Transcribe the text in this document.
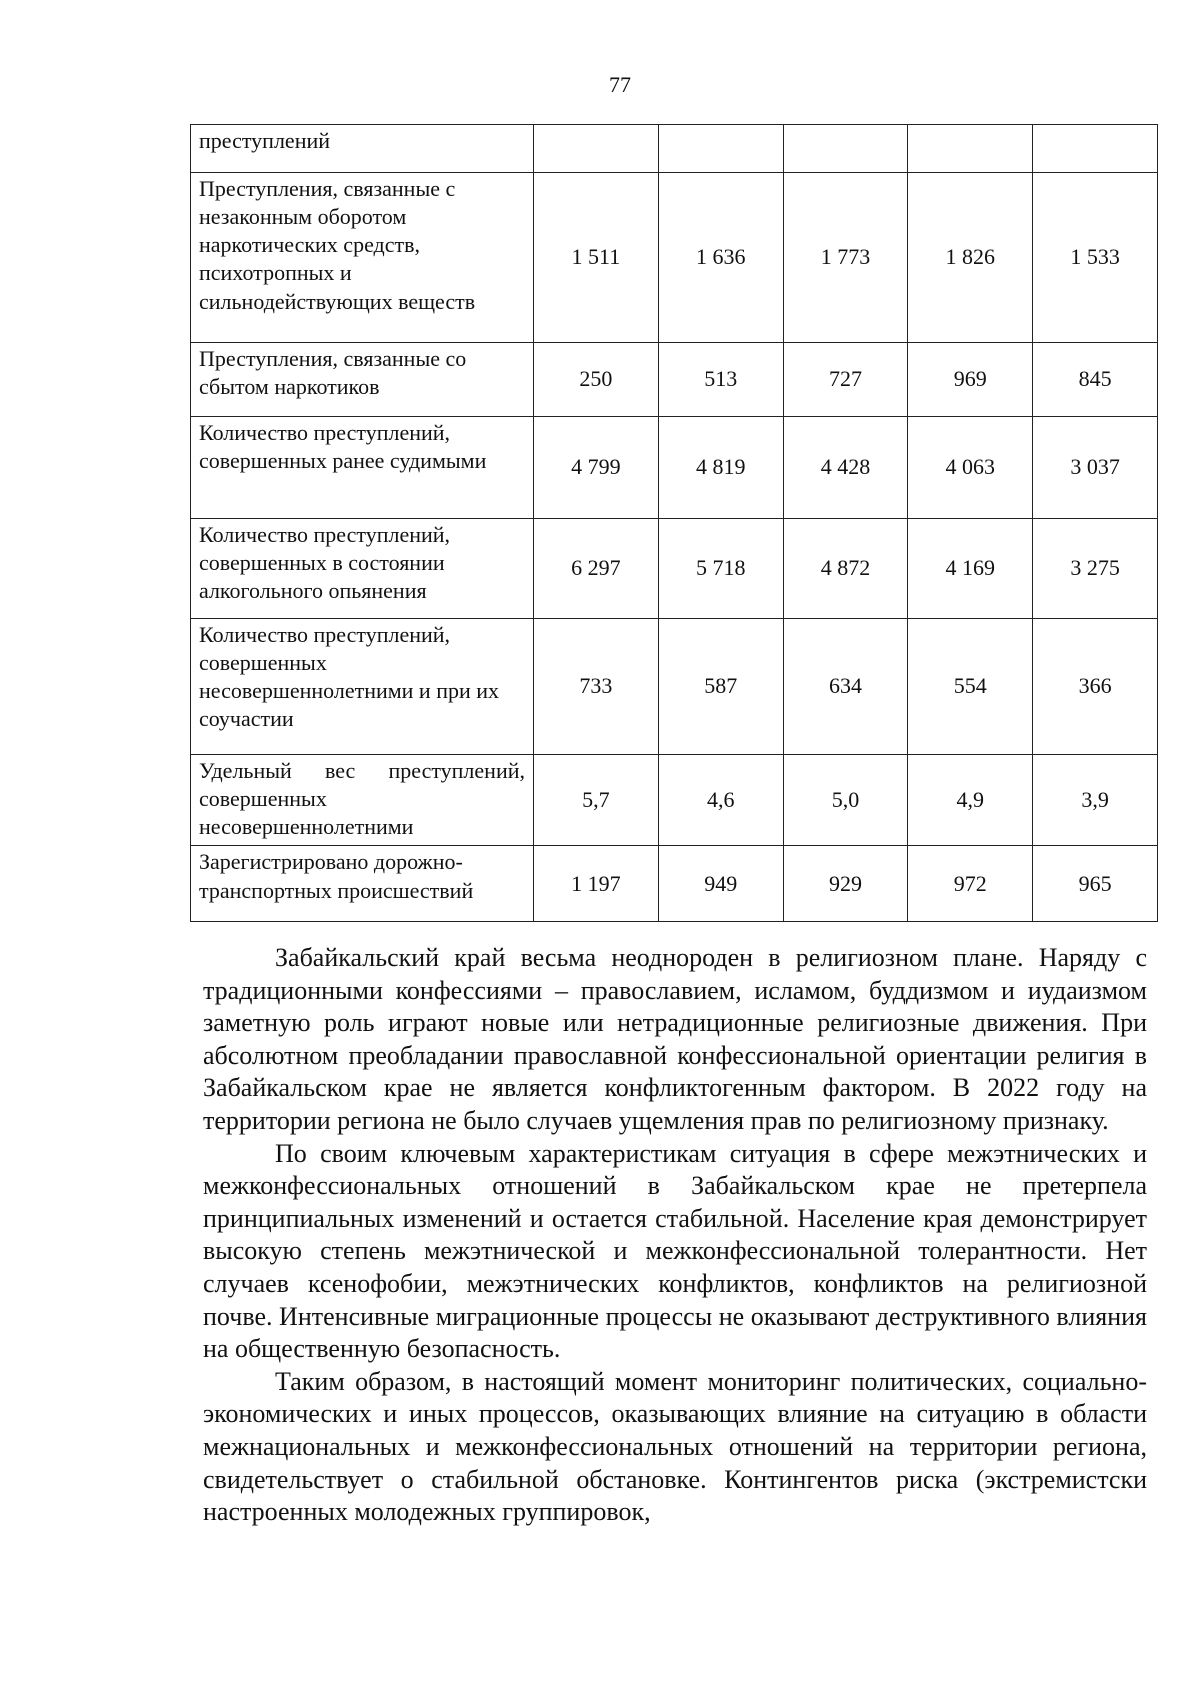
77
преступлений					
Преступления, связанные с незаконным оборотом наркотических средств, психотропных и сильнодействующих веществ	1 511	1 636	1 773	1 826	1 533
Преступления, связанные со сбытом наркотиков	250	513	727	969	845
Количество преступлений, совершенных ранее судимыми	4 799	4 819	4 428	4 063	3 037
Количество преступлений, совершенных в состоянии алкогольного опьянения	6 297	5 718	4 872	4 169	3 275
Количество преступлений, совершенных несовершеннолетними и при их соучастии	733	587	634	554	366
Удельный вес преступлений, совершенных несовершеннолетними	5,7	4,6	5,0	4,9	3,9
Зарегистрировано дорожно-транспортных происшествий	1 197	949	929	972	965

Забайкальский край весьма неоднороден в религиозном плане. Наряду с традиционными конфессиями – православием, исламом, буддизмом и иудаизмом заметную роль играют новые или нетрадиционные религиозные движения. При абсолютном преобладании православной конфессиональной ориентации религия в Забайкальском крае не является конфликтогенным фактором. В 2022 году на территории региона не было случаев ущемления прав по религиозному признаку.

По своим ключевым характеристикам ситуация в сфере межэтнических и межконфессиональных отношений в Забайкальском крае не претерпела принципиальных изменений и остается стабильной. Население края демонстрирует высокую степень межэтнической и межконфессиональной толерантности. Нет случаев ксенофобии, межэтнических конфликтов, конфликтов на религиозной почве. Интенсивные миграционные процессы не оказывают деструктивного влияния на общественную безопасность.

Таким образом, в настоящий момент мониторинг политических, социально-экономических и иных процессов, оказывающих влияние на ситуацию в области межнациональных и межконфессиональных отношений на территории региона, свидетельствует о стабильной обстановке. Контингентов риска (экстремистски настроенных молодежных группировок,
